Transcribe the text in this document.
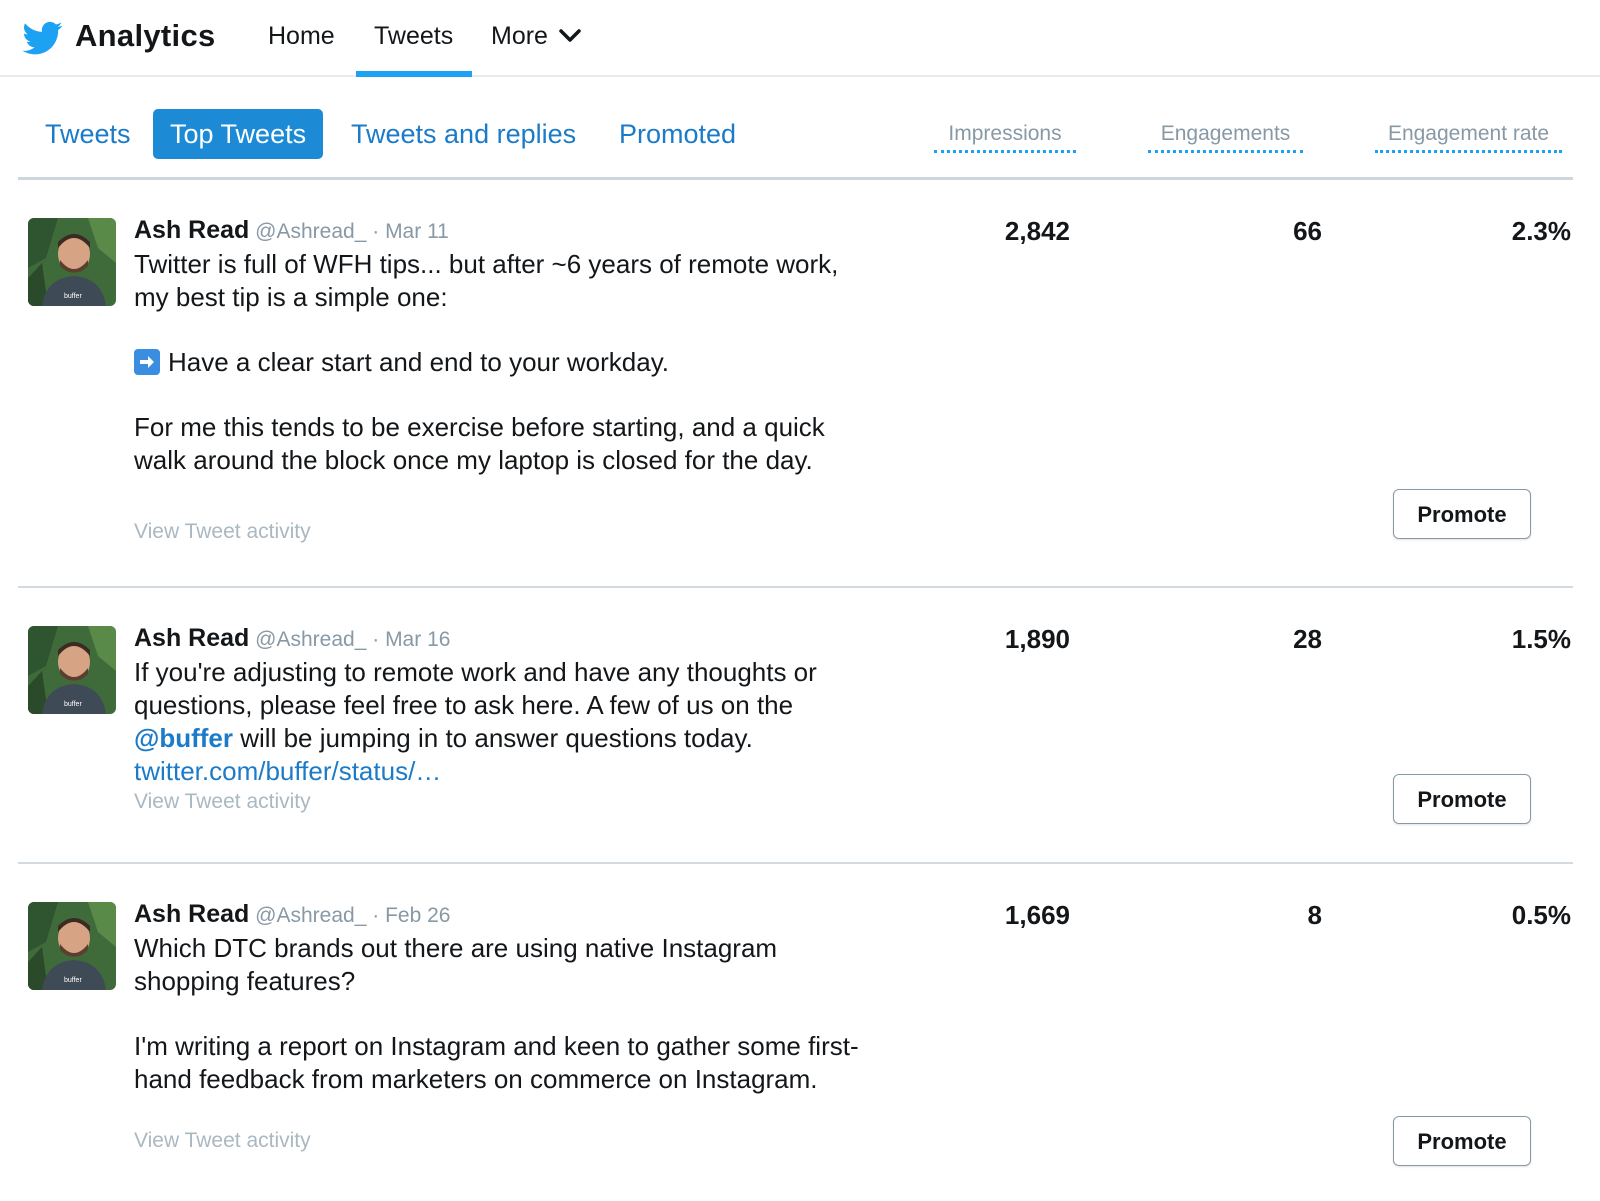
Analytics Home Tweets More
Tweets	Top Tweets	Tweets and replies	Promoted	Impressions	Engagements	Engagement rate
buffer
Ash Read @Ashread_ · Mar 11

Twitter is full of WFH tips... but after ~6 years of remote work, my best tip is a simple one:

Have a clear start and end to your workday.

For me this tends to be exercise before starting, and a quick walk around the block once my laptop is closed for the day.

View Tweet activity
2,842	66	2.3%
Promote
buffer
Ash Read @Ashread_ · Mar 16

If you're adjusting to remote work and have any thoughts or questions, please feel free to ask here. A few of us on the @buffer will be jumping in to answer questions today.
twitter.com/buffer/status/…

View Tweet activity
1,890	28	1.5%
Promote
buffer
Ash Read @Ashread_ · Feb 26

Which DTC brands out there are using native Instagram shopping features?

I'm writing a report on Instagram and keen to gather some first-hand feedback from marketers on commerce on Instagram.

View Tweet activity
1,669	8	0.5%
Promote
